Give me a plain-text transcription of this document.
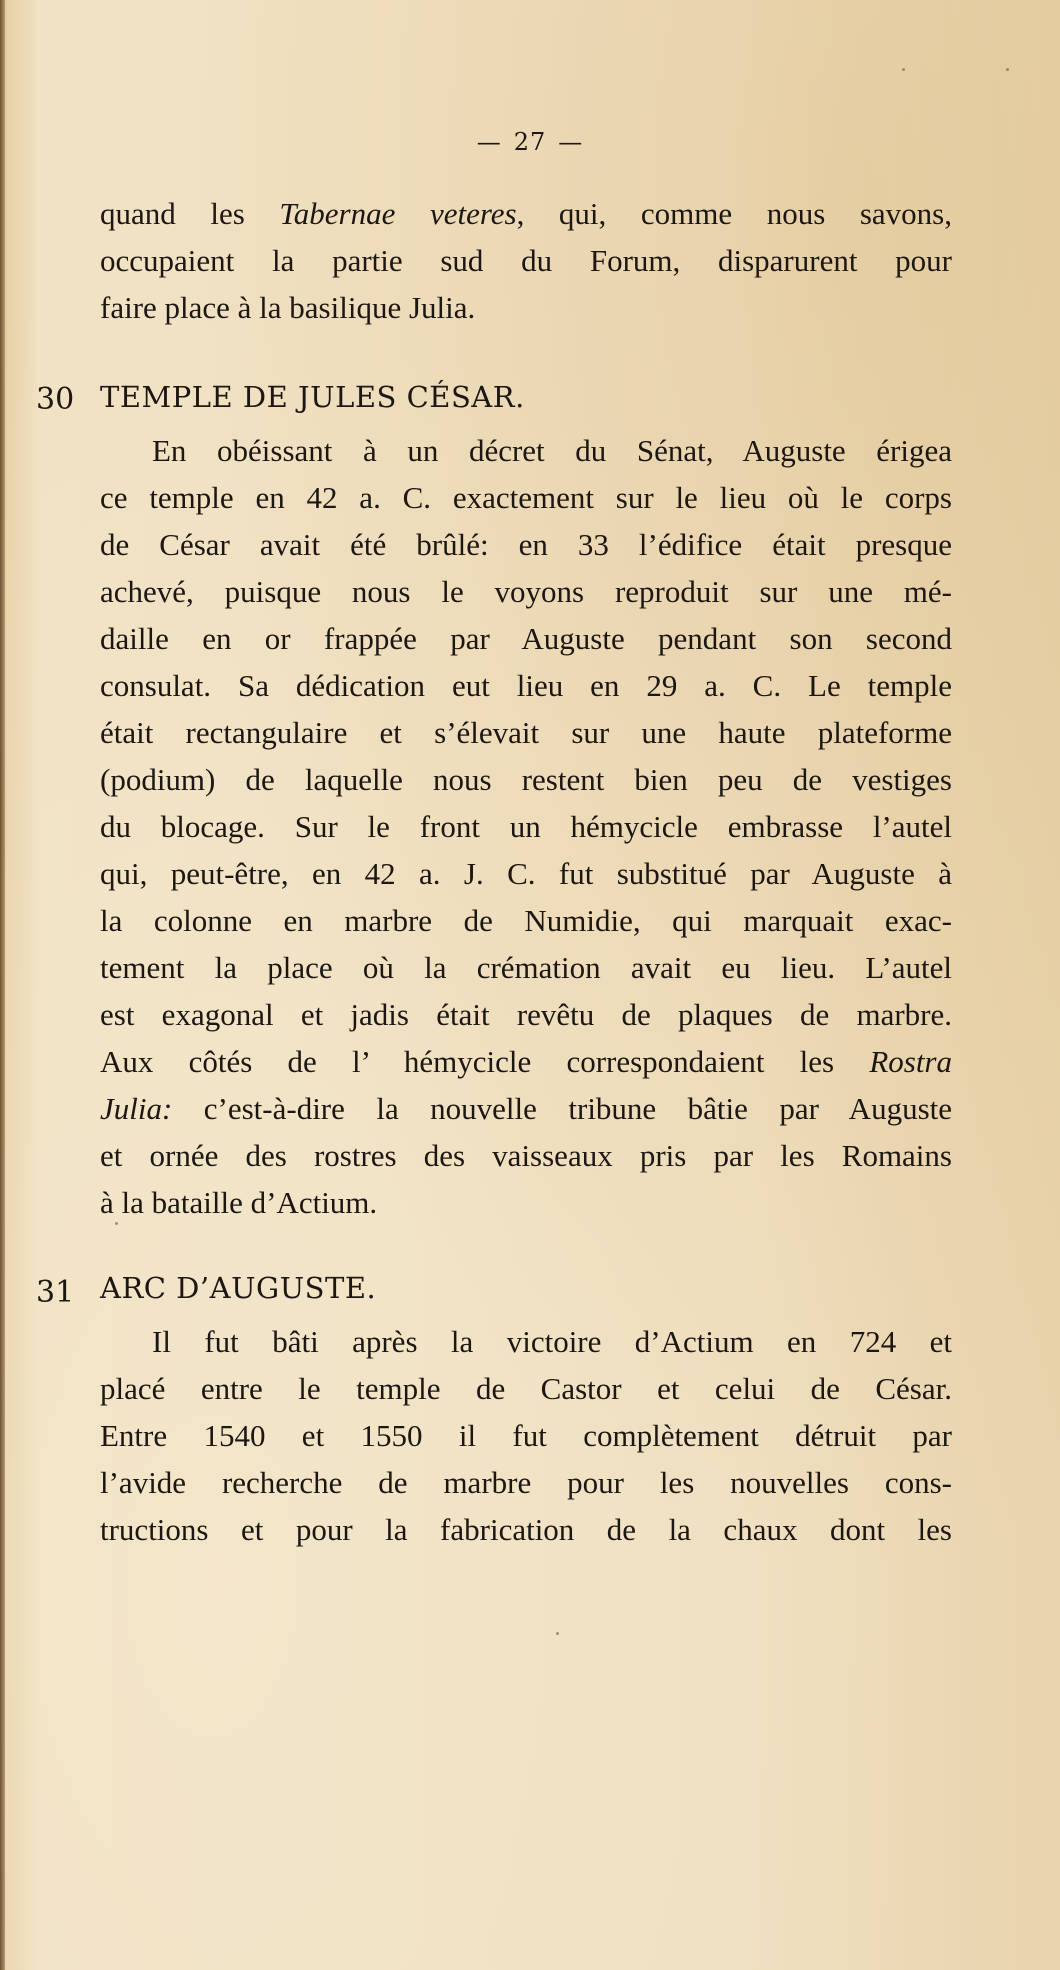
— 27 —
quand les Tabernae veteres, qui, comme nous savons,
occupaient la partie sud du Forum, disparurent pour
faire place à la basilique Julia.
30 TEMPLE DE JULES CÉSAR.
En obéissant à un décret du Sénat, Auguste érigea
ce temple en 42 a. C. exactement sur le lieu où le corps
de César avait été brûlé: en 33 l’édifice était presque
achevé, puisque nous le voyons reproduit sur une mé-
daille en or frappée par Auguste pendant son second
consulat. Sa dédication eut lieu en 29 a. C. Le temple
était rectangulaire et s’élevait sur une haute plateforme
(podium) de laquelle nous restent bien peu de vestiges
du blocage. Sur le front un hémycicle embrasse l’autel
qui, peut-être, en 42 a. J. C. fut substitué par Auguste à
la colonne en marbre de Numidie, qui marquait exac-
tement la place où la crémation avait eu lieu. L’autel
est exagonal et jadis était revêtu de plaques de marbre.
Aux côtés de l’ hémycicle correspondaient les Rostra
Julia: c’est-à-dire la nouvelle tribune bâtie par Auguste
et ornée des rostres des vaisseaux pris par les Romains
à la bataille d’Actium.
31 ARC D’AUGUSTE.
Il fut bâti après la victoire d’Actium en 724 et
placé entre le temple de Castor et celui de César.
Entre 1540 et 1550 il fut complètement détruit par
l’avide recherche de marbre pour les nouvelles cons-
tructions et pour la fabrication de la chaux dont les
